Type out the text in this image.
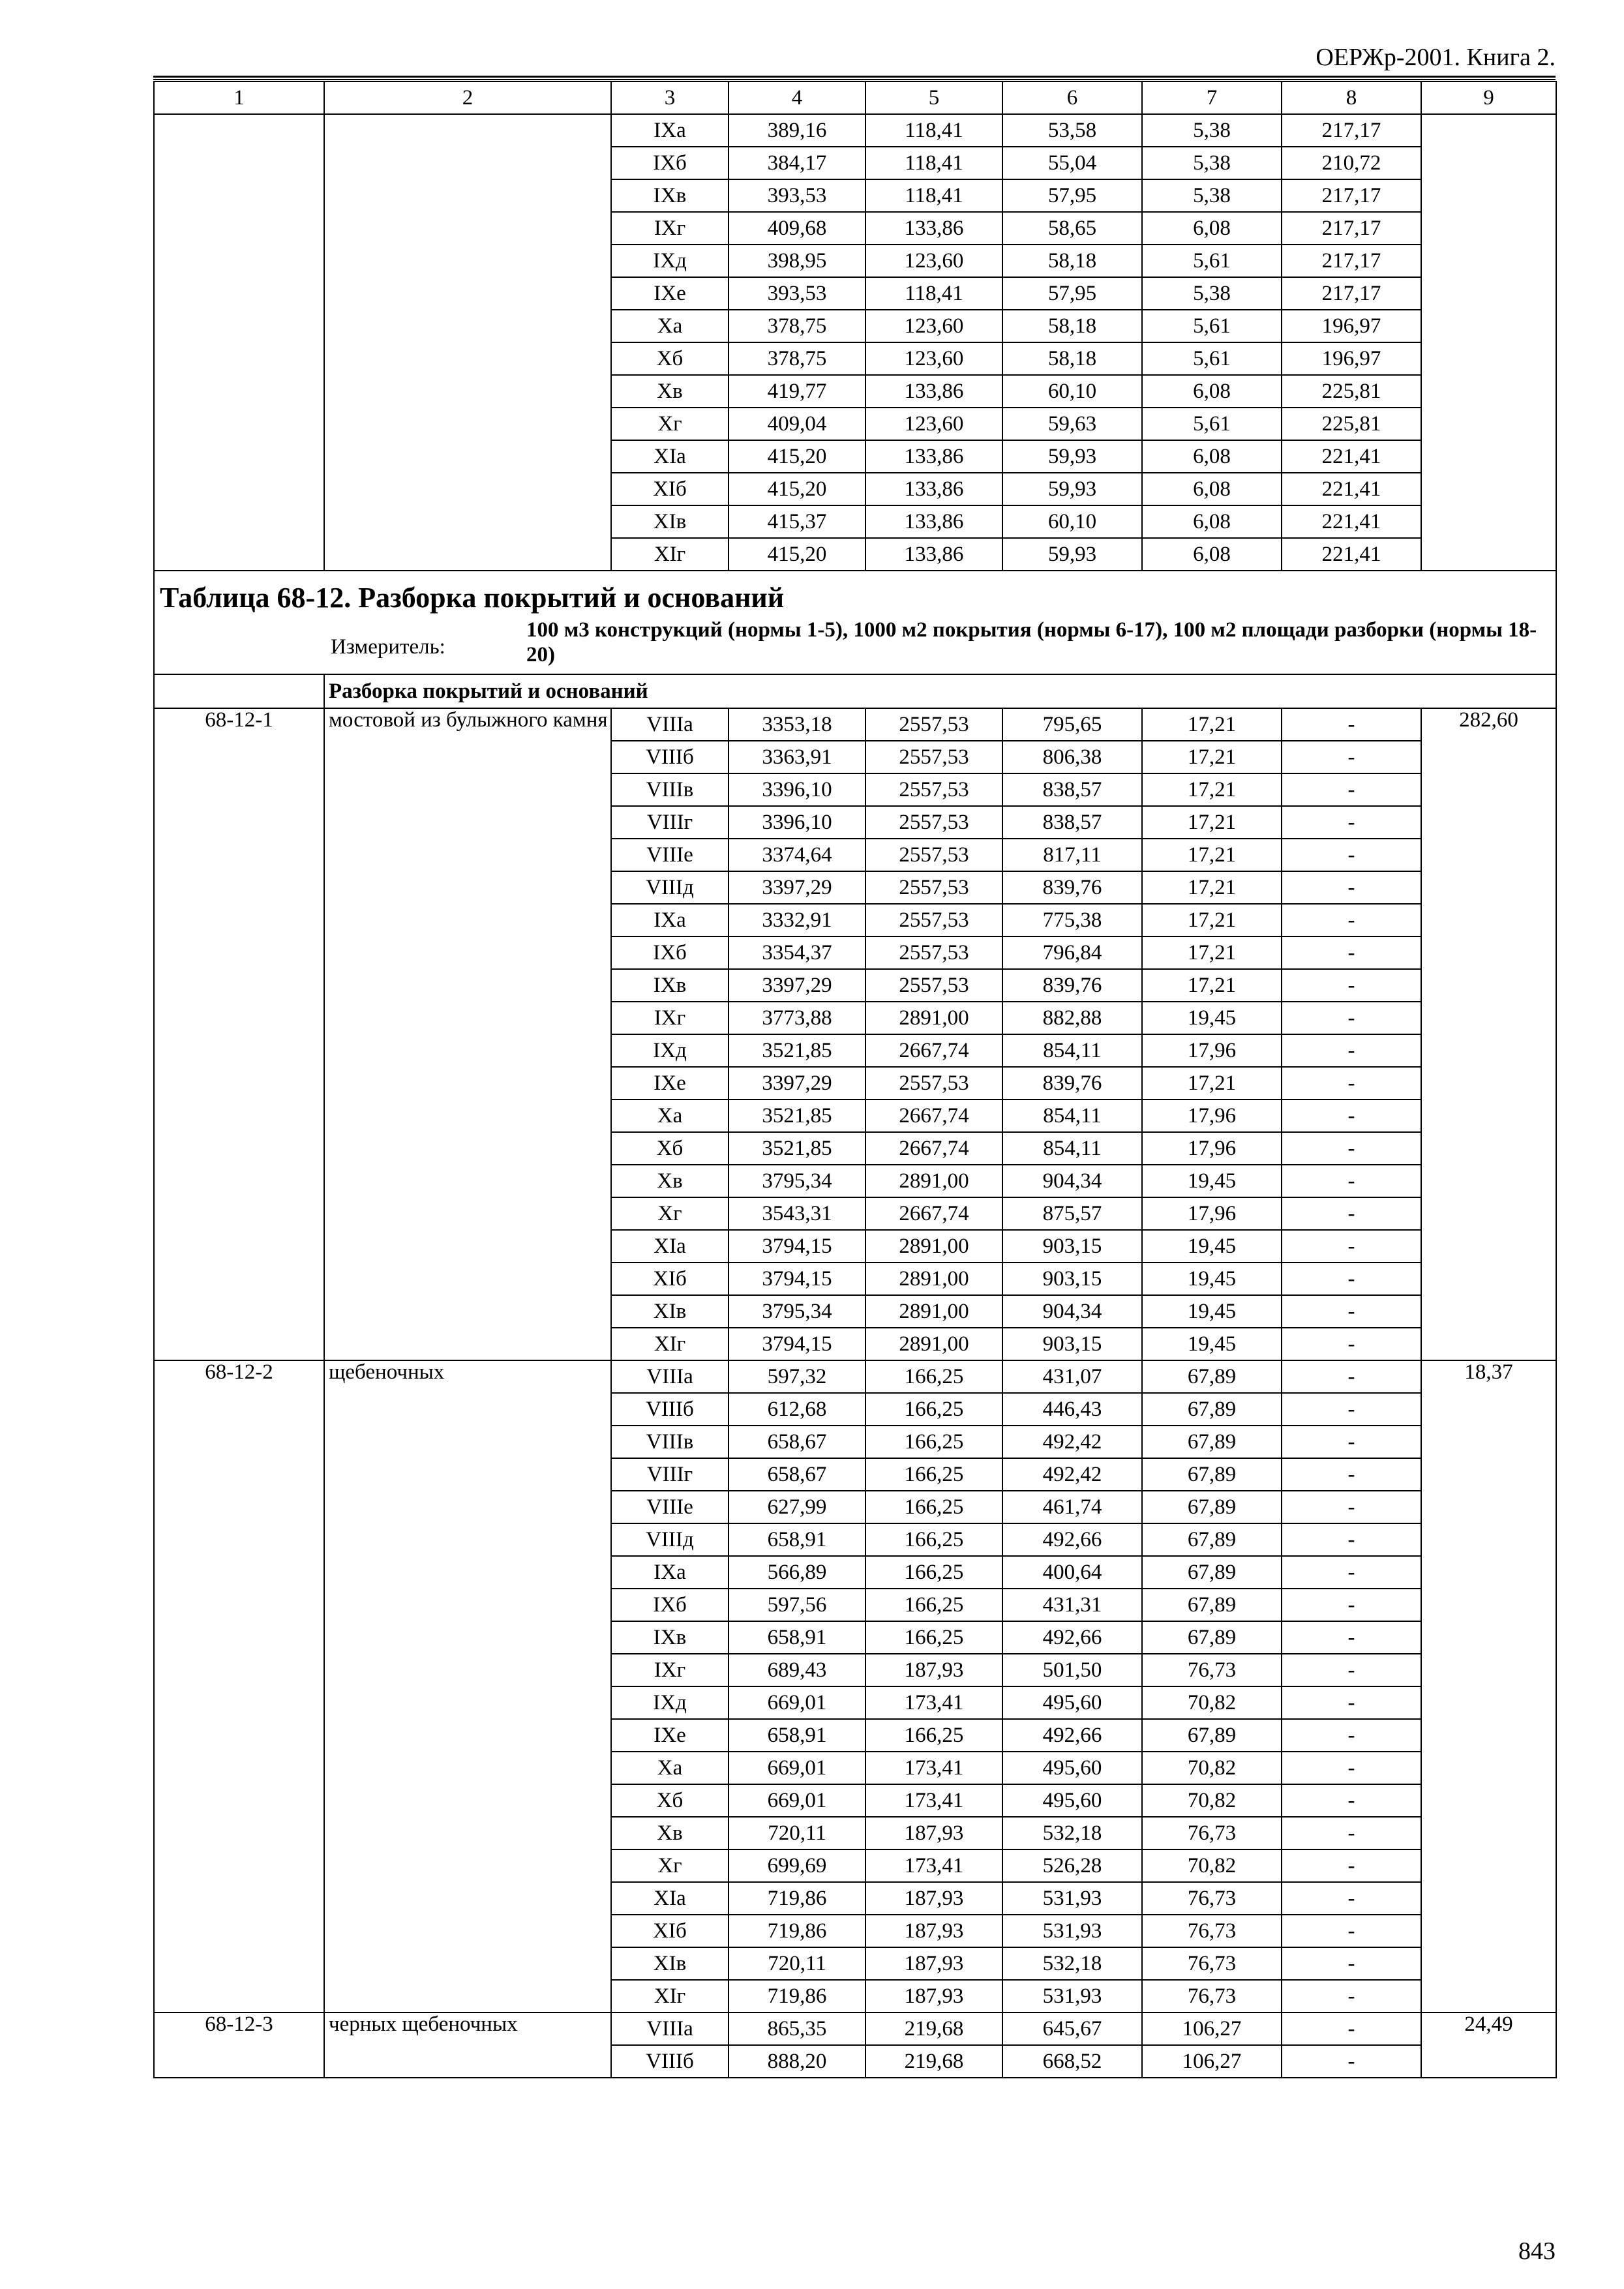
ОЕРЖр-2001. Книга 2.
1	2	3	4	5	6	7	8	9
		IXа	389,16	118,41	53,58	5,38	217,17	
		IXб	384,17	118,41	55,04	5,38	210,72	
		IXв	393,53	118,41	57,95	5,38	217,17	
		IXг	409,68	133,86	58,65	6,08	217,17	
		IXд	398,95	123,60	58,18	5,61	217,17	
		IXе	393,53	118,41	57,95	5,38	217,17	
		Xа	378,75	123,60	58,18	5,61	196,97	
		Xб	378,75	123,60	58,18	5,61	196,97	
		Xв	419,77	133,86	60,10	6,08	225,81	
		Xг	409,04	123,60	59,63	5,61	225,81	
		XIа	415,20	133,86	59,93	6,08	221,41	
		XIб	415,20	133,86	59,93	6,08	221,41	
		XIв	415,37	133,86	60,10	6,08	221,41	
		XIг	415,20	133,86	59,93	6,08	221,41	
Таблица 68-12. Разборка покрытий и оснований								

Измеритель:
100 м3 конструкций (нормы 1-5), 1000 м2 покрытия (нормы 6-17), 100 м2 площади разборки (нормы 18-20)								

	Разборка покрытий и оснований							
68-12-1	мостовой из булыжного камня	VIIIа	3353,18	2557,53	795,65	17,21	-	282,60
		VIIIб	3363,91	2557,53	806,38	17,21	-	
		VIIIв	3396,10	2557,53	838,57	17,21	-	
		VIIIг	3396,10	2557,53	838,57	17,21	-	
		VIIIе	3374,64	2557,53	817,11	17,21	-	
		VIIIд	3397,29	2557,53	839,76	17,21	-	
		IXа	3332,91	2557,53	775,38	17,21	-	
		IXб	3354,37	2557,53	796,84	17,21	-	
		IXв	3397,29	2557,53	839,76	17,21	-	
		IXг	3773,88	2891,00	882,88	19,45	-	
		IXд	3521,85	2667,74	854,11	17,96	-	
		IXе	3397,29	2557,53	839,76	17,21	-	
		Xа	3521,85	2667,74	854,11	17,96	-	
		Xб	3521,85	2667,74	854,11	17,96	-	
		Xв	3795,34	2891,00	904,34	19,45	-	
		Xг	3543,31	2667,74	875,57	17,96	-	
		XIа	3794,15	2891,00	903,15	19,45	-	
		XIб	3794,15	2891,00	903,15	19,45	-	
		XIв	3795,34	2891,00	904,34	19,45	-	
		XIг	3794,15	2891,00	903,15	19,45	-	
68-12-2	щебеночных	VIIIа	597,32	166,25	431,07	67,89	-	18,37
		VIIIб	612,68	166,25	446,43	67,89	-	
		VIIIв	658,67	166,25	492,42	67,89	-	
		VIIIг	658,67	166,25	492,42	67,89	-	
		VIIIе	627,99	166,25	461,74	67,89	-	
		VIIIд	658,91	166,25	492,66	67,89	-	
		IXа	566,89	166,25	400,64	67,89	-	
		IXб	597,56	166,25	431,31	67,89	-	
		IXв	658,91	166,25	492,66	67,89	-	
		IXг	689,43	187,93	501,50	76,73	-	
		IXд	669,01	173,41	495,60	70,82	-	
		IXе	658,91	166,25	492,66	67,89	-	
		Xа	669,01	173,41	495,60	70,82	-	
		Xб	669,01	173,41	495,60	70,82	-	
		Xв	720,11	187,93	532,18	76,73	-	
		Xг	699,69	173,41	526,28	70,82	-	
		XIа	719,86	187,93	531,93	76,73	-	
		XIб	719,86	187,93	531,93	76,73	-	
		XIв	720,11	187,93	532,18	76,73	-	
		XIг	719,86	187,93	531,93	76,73	-	
68-12-3	черных щебеночных	VIIIа	865,35	219,68	645,67	106,27	-	24,49
		VIIIб	888,20	219,68	668,52	106,27	-	
843
